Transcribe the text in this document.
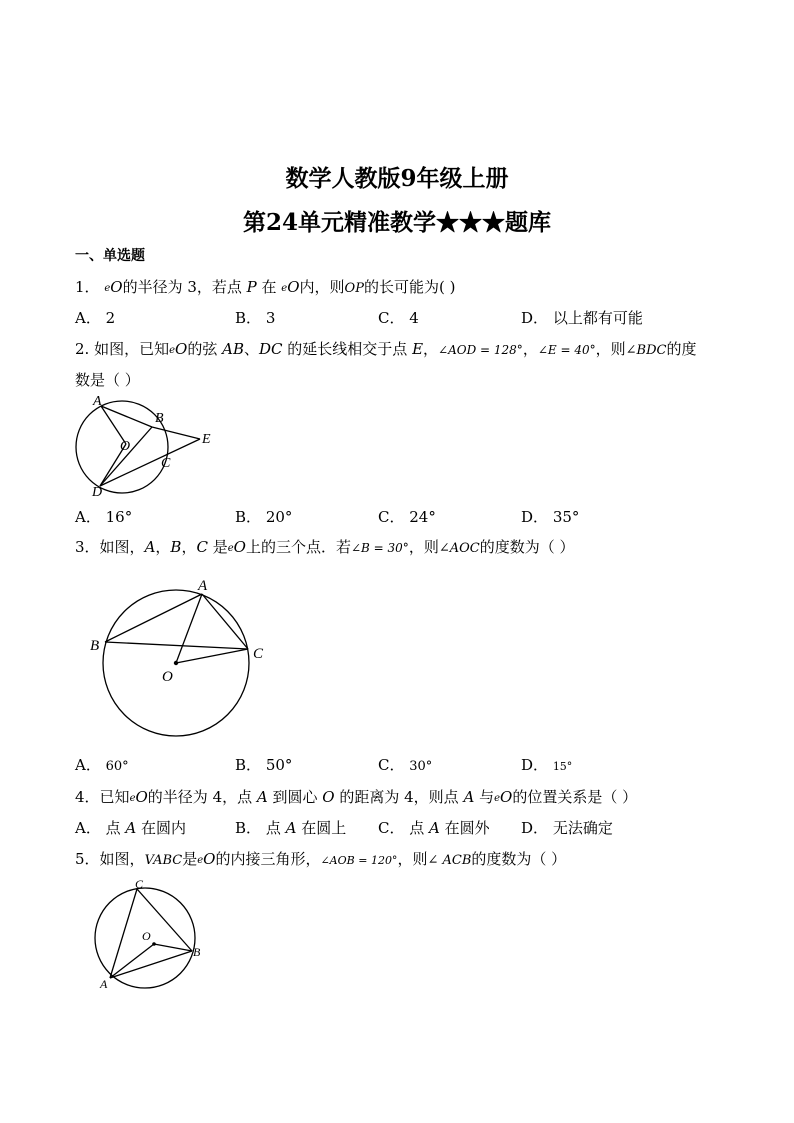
数学人教版9年级上册
第24单元精准教学★★★题库
一、单选题
1． eO的半径为 3，若点 P 在 eO内，则OP的长可能为( )
A． 2	B． 3	C． 4	D． 以上都有可能
2. 如图，已知eO的弦 AB、DC 的延长线相交于点 E，∠AOD = 128°，∠E = 40°，则∠BDC的度
数是（ ）
A
B
O	E
C
D
A． 16°	B． 20°	C． 24°	D． 35°
3．如图，A，B，C 是eO上的三个点．若∠B = 30°，则∠AOC的度数为（ ）
A
B	C
O
A． 60°	B． 50°	C． 30°	D． 15°
4．已知eO的半径为 4，点 A 到圆心 O 的距离为 4，则点 A 与eO的位置关系是（ ）
A． 点 A 在圆内	B． 点 A 在圆上 C． 点 A 在圆外 D． 无法确定
5．如图，VABC是eO的内接三角形，∠AOB = 120°，则∠ ACB的度数为（ ）
C
O
B
A
